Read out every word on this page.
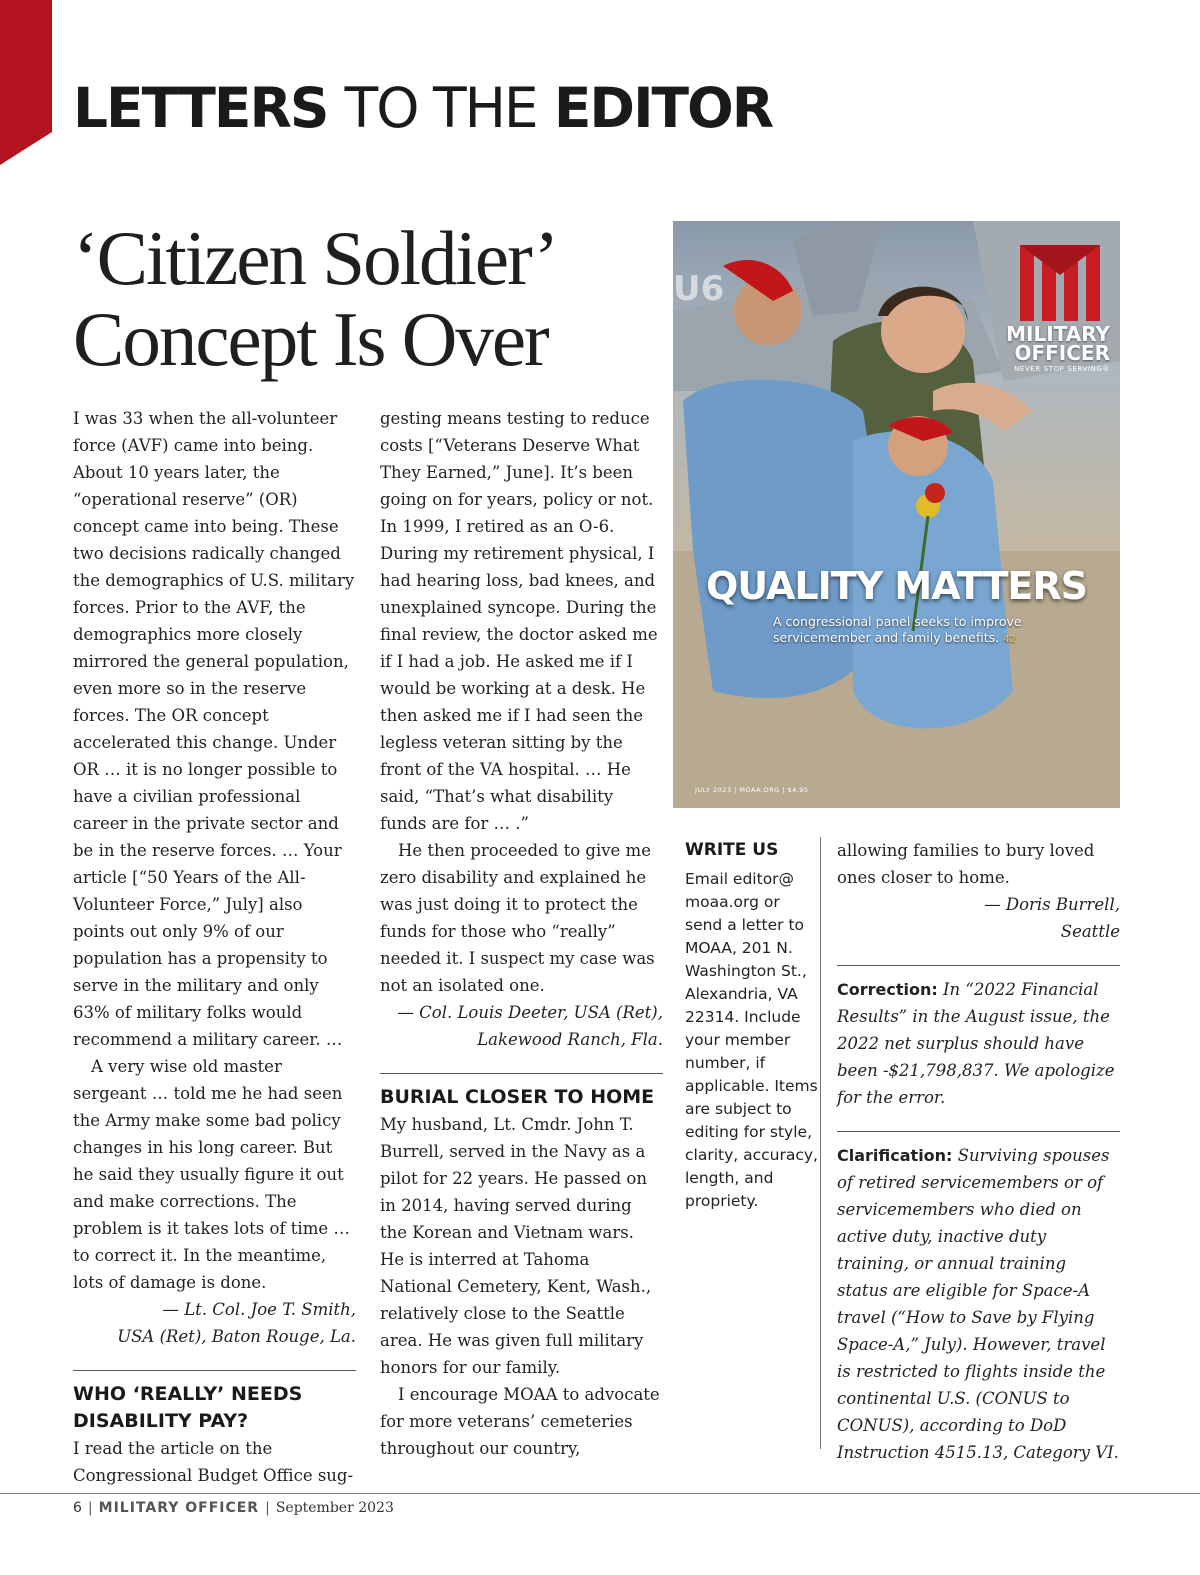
LETTERS TO THE EDITOR
‘Citizen Soldier’
Concept Is Over

I was 33 when the all-volunteer force (AVF) came into being. About 10 years later, the “operational reserve” (OR) concept came into being. These two decisions radically changed the demographics of U.S. military forces. Prior to the AVF, the demographics more closely mirrored the general population, even more so in the reserve forces. The OR concept accelerated this change. Under OR … it is no longer possible to have a civilian professional career in the private sector and be in the reserve forces. … Your article [“50 Years of the All-Volunteer Force,” July] also points out only 9% of our population has a propensity to serve in the military and only 63% of military folks would recommend a military career. …

A very wise old master sergeant … told me he had seen the Army make some bad policy changes in his long career. But he said they usually figure it out and make corrections. The problem is it takes lots of time … to correct it. In the meantime, lots of damage is done.

— Lt. Col. Joe T. Smith,

USA (Ret), Baton Rouge, La.

WHO ‘REALLY’ NEEDS
DISABILITY PAY?

I read the article on the Congressional Budget Office sug-

gesting means testing to reduce costs [“Veterans Deserve What They Earned,” June]. It’s been going on for years, policy or not. In 1999, I retired as an O-6. During my retirement physical, I had hearing loss, bad knees, and unexplained syncope. During the final review, the doctor asked me if I had a job. He asked me if I would be working at a desk. He then asked me if I had seen the legless veteran sitting by the front of the VA hospital. … He said, “That’s what disability funds are for … .”

He then proceeded to give me zero disability and explained he was just doing it to protect the funds for those who “really” needed it. I suspect my case was not an isolated one.

— Col. Louis Deeter, USA (Ret),

Lakewood Ranch, Fla.

BURIAL CLOSER TO HOME

My husband, Lt. Cmdr. John T. Burrell, served in the Navy as a pilot for 22 years. He passed on in 2014, having served during the Korean and Vietnam wars. He is interred at Tahoma National Cemetery, Kent, Wash., relatively close to the Seattle area. He was given full military honors for our family.

I encourage MOAA to advocate for more veterans’ cemeteries throughout our country,

MILITARY
OFFICER
NEVER STOP SERVING®
U6
QUALITY MATTERS
A congressional panel seeks to improve servicemember and family benefits. 42
JULY 2023 | MOAA.ORG | $4.95
WRITE US

Email editor@ moaa.org or send a letter to MOAA, 201 N. Washington St., Alexandria, VA 22314. Include your member number, if applicable. Items are subject to editing for style, clarity, accuracy, length, and propriety.

allowing families to bury loved ones closer to home.

— Doris Burrell,

Seattle

Correction: In “2022 Financial Results” in the August issue, the 2022 net surplus should have been -$21,798,837. We apologize for the error.

Clarification: Surviving spouses of retired servicemembers or of servicemembers who died on active duty, inactive duty training, or annual training status are eligible for Space-A travel (“How to Save by Flying Space-A,” July). However, travel is restricted to flights inside the continental U.S. (CONUS to CONUS), according to DoD Instruction 4515.13, Category VI.

6 | MILITARY OFFICER | September 2023
